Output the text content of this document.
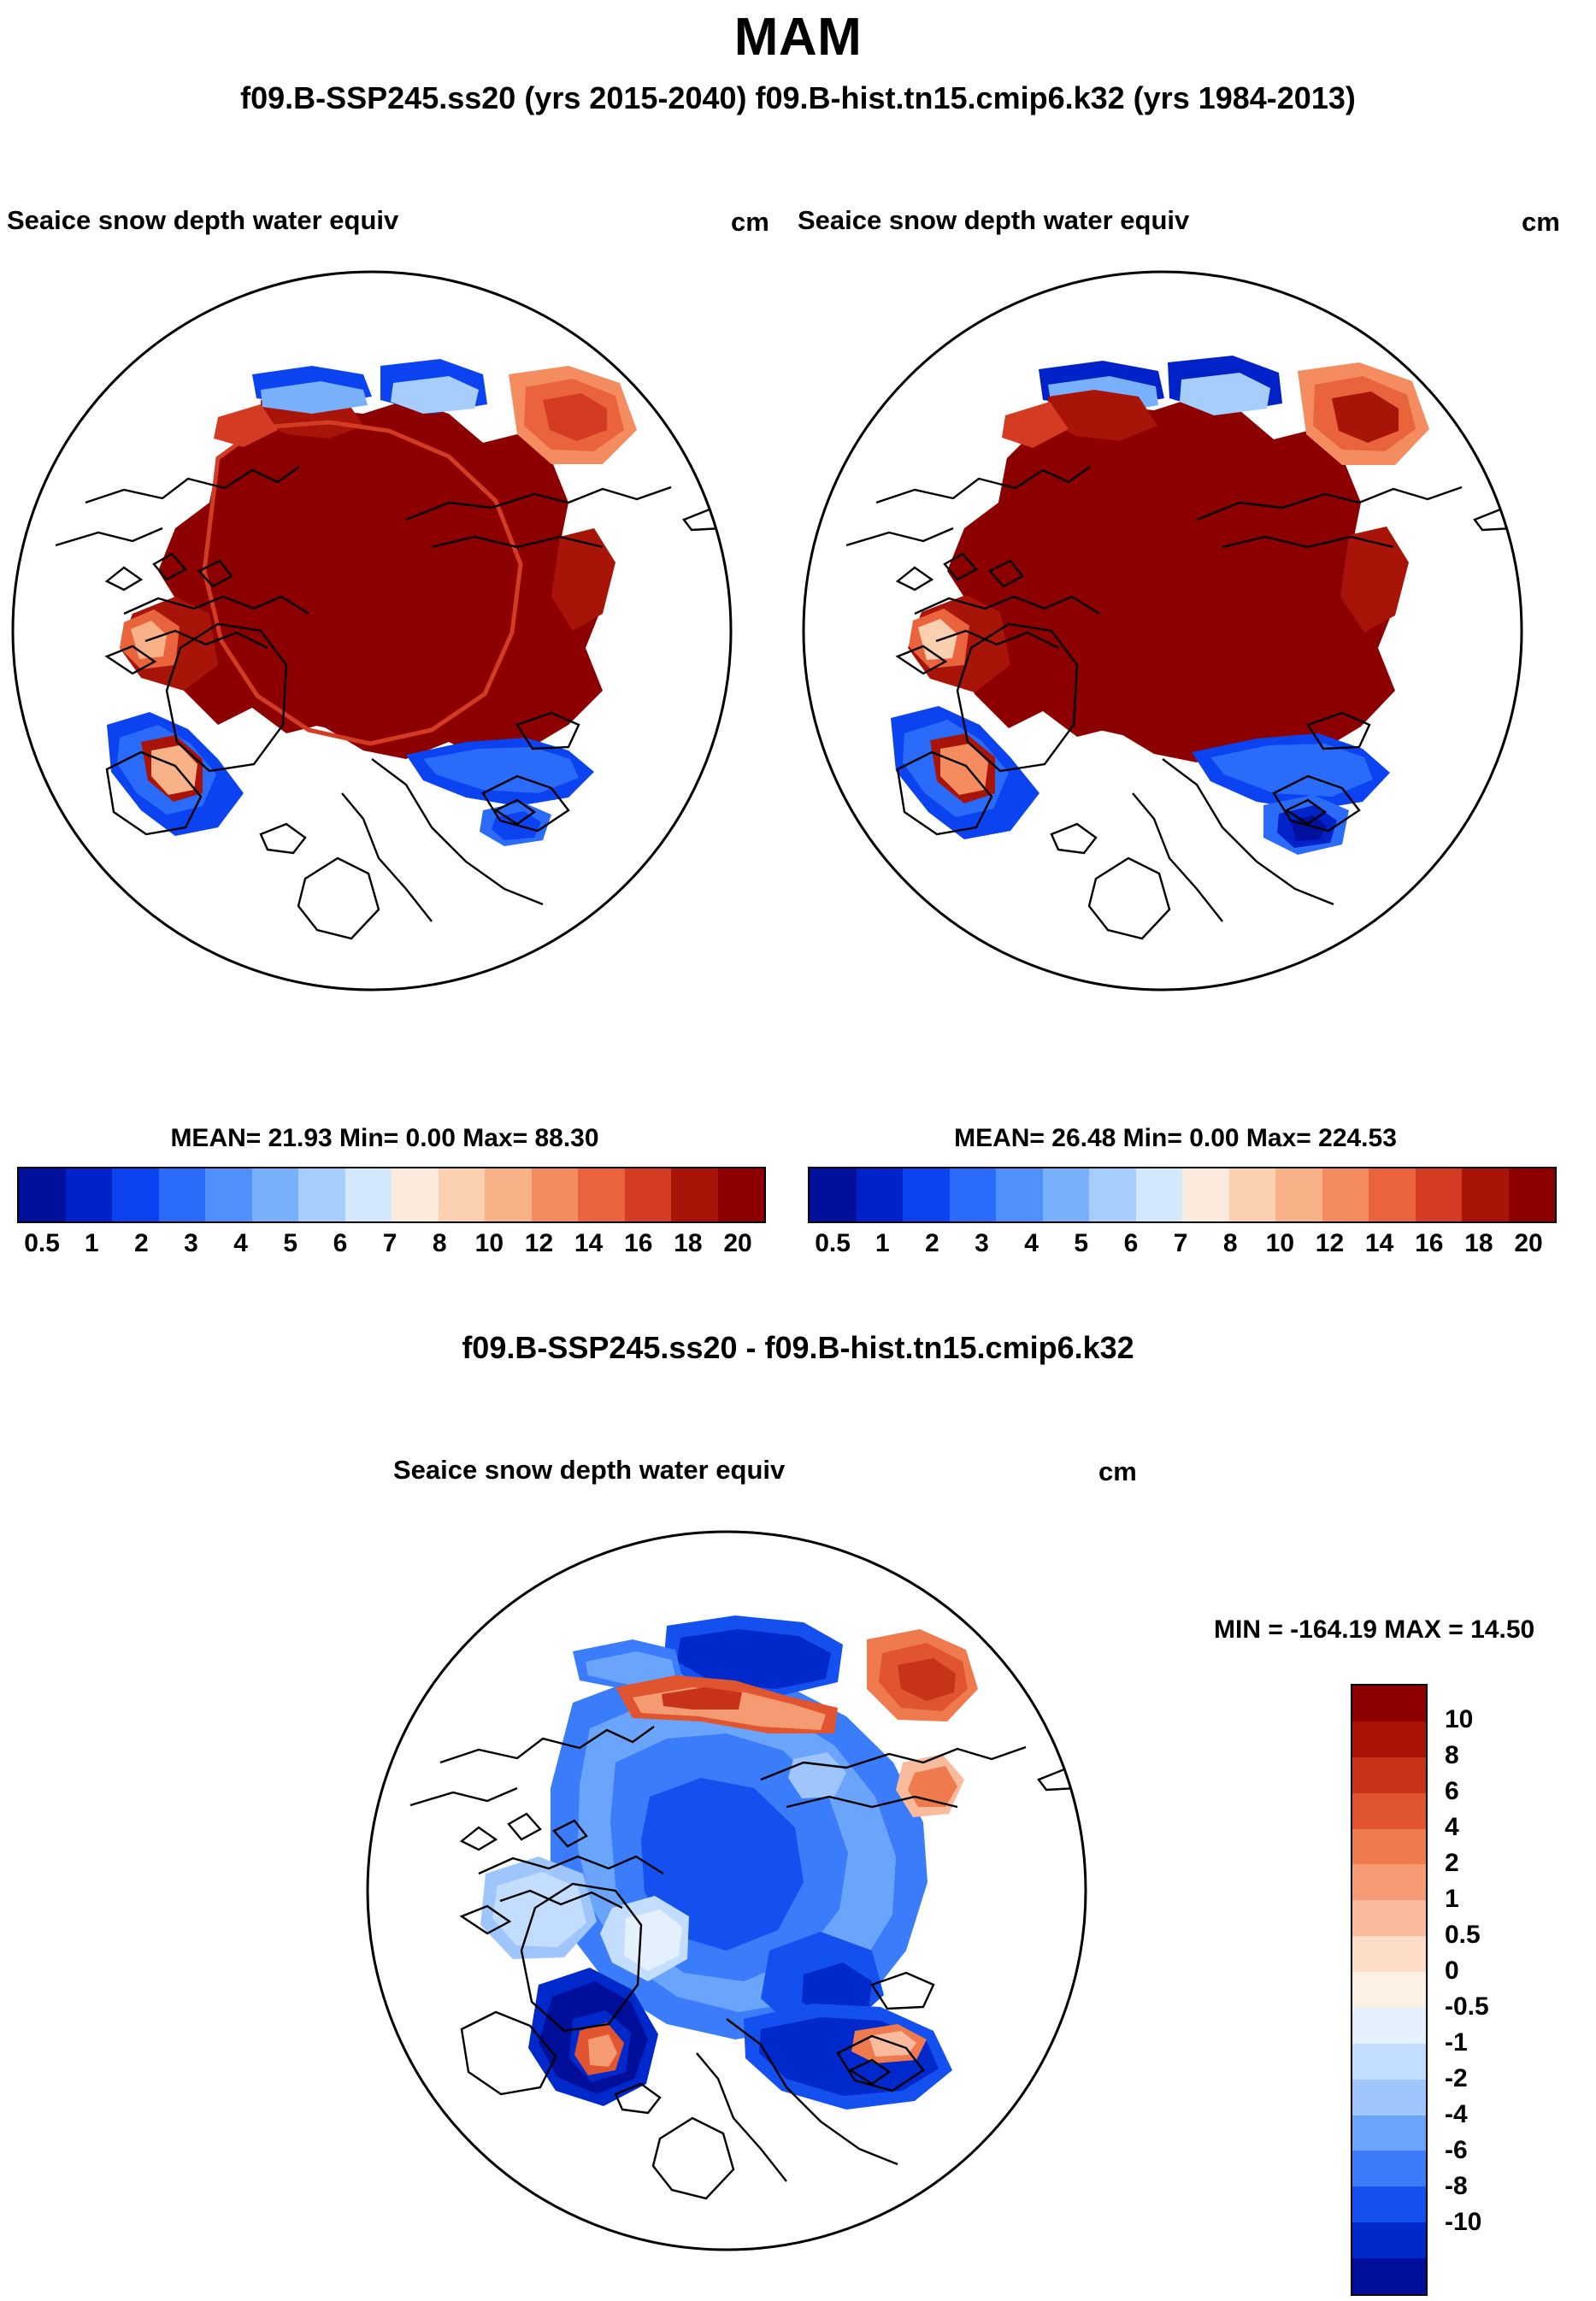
MAM
f09.B-SSP245.ss20 (yrs 2015-2040) f09.B-hist.tn15.cmip6.k32 (yrs 1984-2013)
Seaice snow depth water equiv	cm
MEAN= 21.93 Min= 0.00 Max= 88.30
0.5 1	2	3	4	5	6	7	8	10 12 14 16 18 20
Seaice snow depth water equiv	cm
MEAN= 26.48 Min= 0.00 Max= 224.53
0.5 1	2	3	4	5	6	7	8	10 12 14 16 18 20
f09.B-SSP245.ss20 - f09.B-hist.tn15.cmip6.k32
Seaice snow depth water equiv	cm
MIN = -164.19 MAX = 14.50
10
8
6
4
2
1
0.5
0
-0.5
-1
-2
-4
-6
-8
-10
